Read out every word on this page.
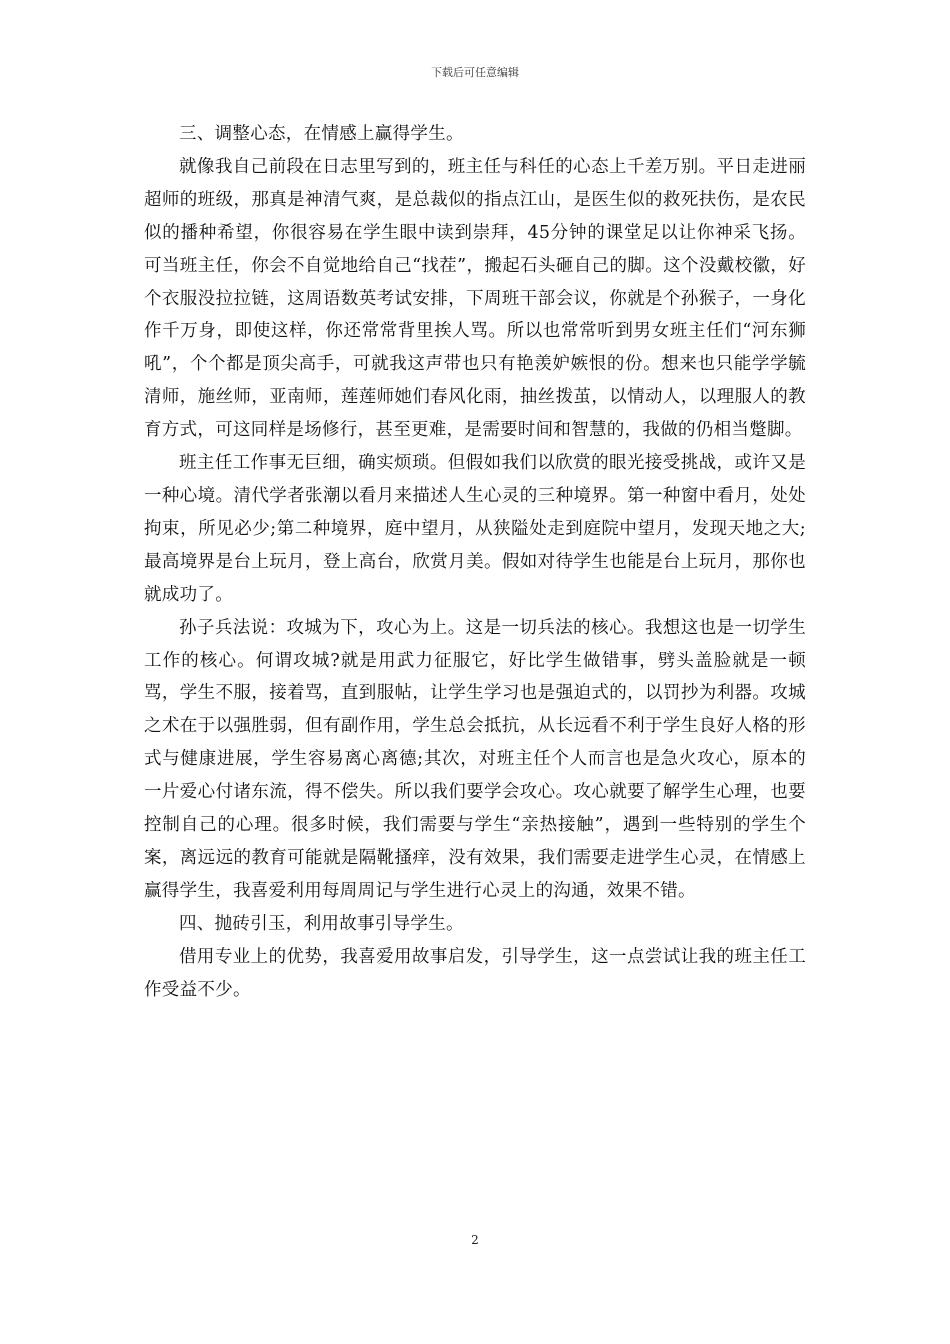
下载后可任意编辑

三、调整心态，在情感上赢得学生。

就像我自己前段在日志里写到的，班主任与科任的心态上千差万别。平日走进丽超师的班级，那真是神清气爽，是总裁似的指点江山，是医生似的救死扶伤，是农民似的播种希望，你很容易在学生眼中读到崇拜，45分钟的课堂足以让你神采飞扬。可当班主任，你会不自觉地给自己“找茬”，搬起石头砸自己的脚。这个没戴校徽，好个衣服没拉拉链，这周语数英考试安排，下周班干部会议，你就是个孙猴子，一身化作千万身，即使这样，你还常常背里挨人骂。所以也常常听到男女班主任们“河东狮吼”，个个都是顶尖高手，可就我这声带也只有艳羡妒嫉恨的份。想来也只能学学毓清师，施丝师，亚南师，莲莲师她们春风化雨，抽丝拨茧，以情动人，以理服人的教育方式，可这同样是场修行，甚至更难，是需要时间和智慧的，我做的仍相当蹩脚。

班主任工作事无巨细，确实烦琐。但假如我们以欣赏的眼光接受挑战，或许又是一种心境。清代学者张潮以看月来描述人生心灵的三种境界。第一种窗中看月，处处拘束，所见必少;第二种境界，庭中望月，从狭隘处走到庭院中望月，发现天地之大;最高境界是台上玩月，登上高台，欣赏月美。假如对待学生也能是台上玩月，那你也就成功了。

孙子兵法说：攻城为下，攻心为上。这是一切兵法的核心。我想这也是一切学生工作的核心。何谓攻城?就是用武力征服它，好比学生做错事，劈头盖脸就是一顿骂，学生不服，接着骂，直到服帖，让学生学习也是强迫式的，以罚抄为利器。攻城之术在于以强胜弱，但有副作用，学生总会抵抗，从长远看不利于学生良好人格的形式与健康进展，学生容易离心离德;其次，对班主任个人而言也是急火攻心，原本的一片爱心付诸东流，得不偿失。所以我们要学会攻心。攻心就要了解学生心理，也要控制自己的心理。很多时候，我们需要与学生“亲热接触”，遇到一些特别的学生个案，离远远的教育可能就是隔靴搔痒，没有效果，我们需要走进学生心灵，在情感上赢得学生，我喜爱利用每周周记与学生进行心灵上的沟通，效果不错。

四、抛砖引玉，利用故事引导学生。

借用专业上的优势，我喜爱用故事启发，引导学生，这一点尝试让我的班主任工作受益不少。

2
